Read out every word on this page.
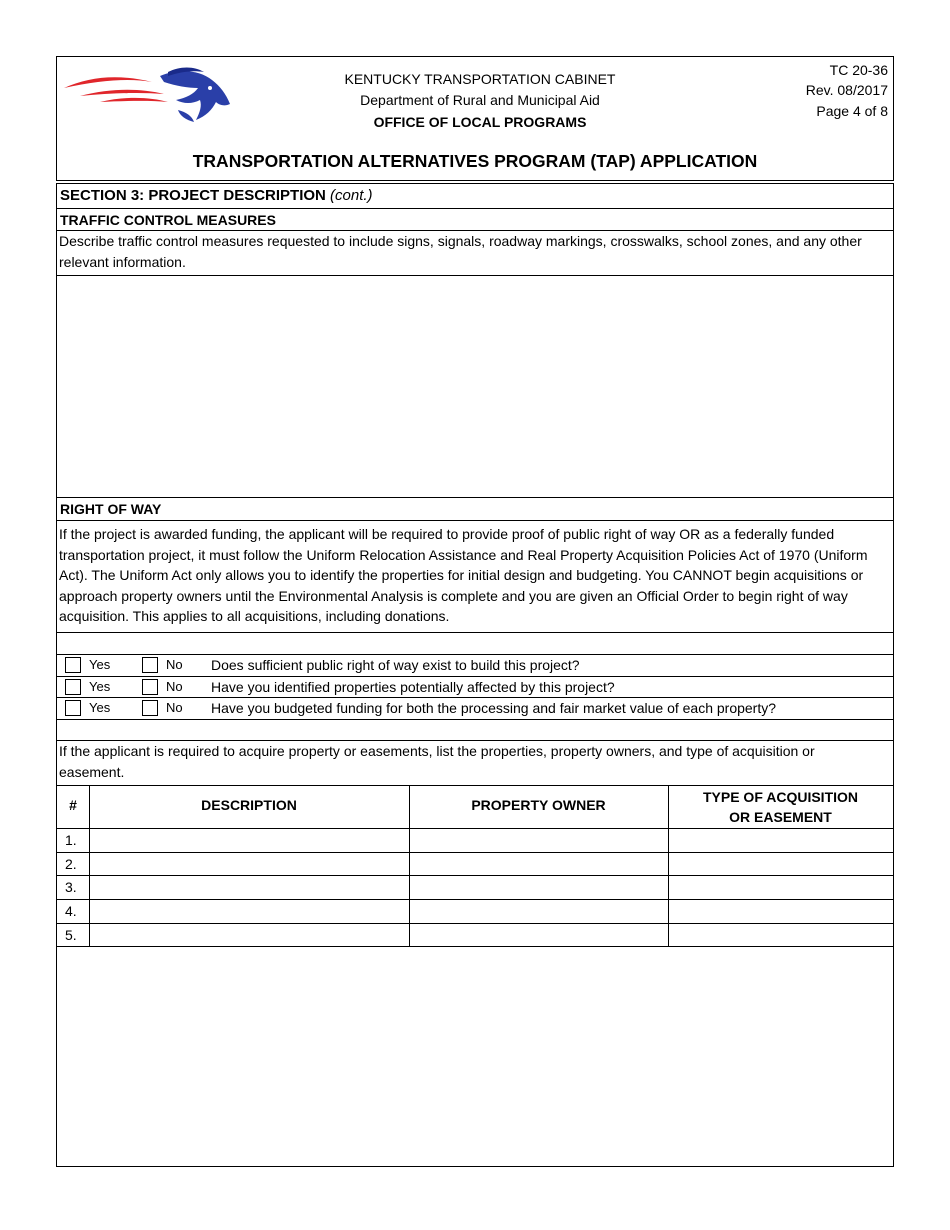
KENTUCKY TRANSPORTATION CABINET
Department of Rural and Municipal Aid
OFFICE OF LOCAL PROGRAMS
TC 20-36
Rev. 08/2017
Page 4 of 8
TRANSPORTATION ALTERNATIVES PROGRAM (TAP) APPLICATION
SECTION 3: PROJECT DESCRIPTION (cont.)
TRAFFIC CONTROL MEASURES
Describe traffic control measures requested to include signs, signals, roadway markings, crosswalks, school zones, and any other relevant information.
RIGHT OF WAY
If the project is awarded funding, the applicant will be required to provide proof of public right of way OR as a federally funded transportation project, it must follow the Uniform Relocation Assistance and Real Property Acquisition Policies Act of 1970 (Uniform Act). The Uniform Act only allows you to identify the properties for initial design and budgeting. You CANNOT begin acquisitions or approach property owners until the Environmental Analysis is complete and you are given an Official Order to begin right of way acquisition. This applies to all acquisitions, including donations.
Yes	No Does sufficient public right of way exist to build this project?
Yes	No Have you identified properties potentially affected by this project?
Yes	No Have you budgeted funding for both the processing and fair market value of each property?
If the applicant is required to acquire property or easements, list the properties, property owners, and type of acquisition or easement.
#	DESCRIPTION	PROPERTY OWNER	TYPE OF ACQUISITION
OR EASEMENT
1.
2.
3.
4.
5.
